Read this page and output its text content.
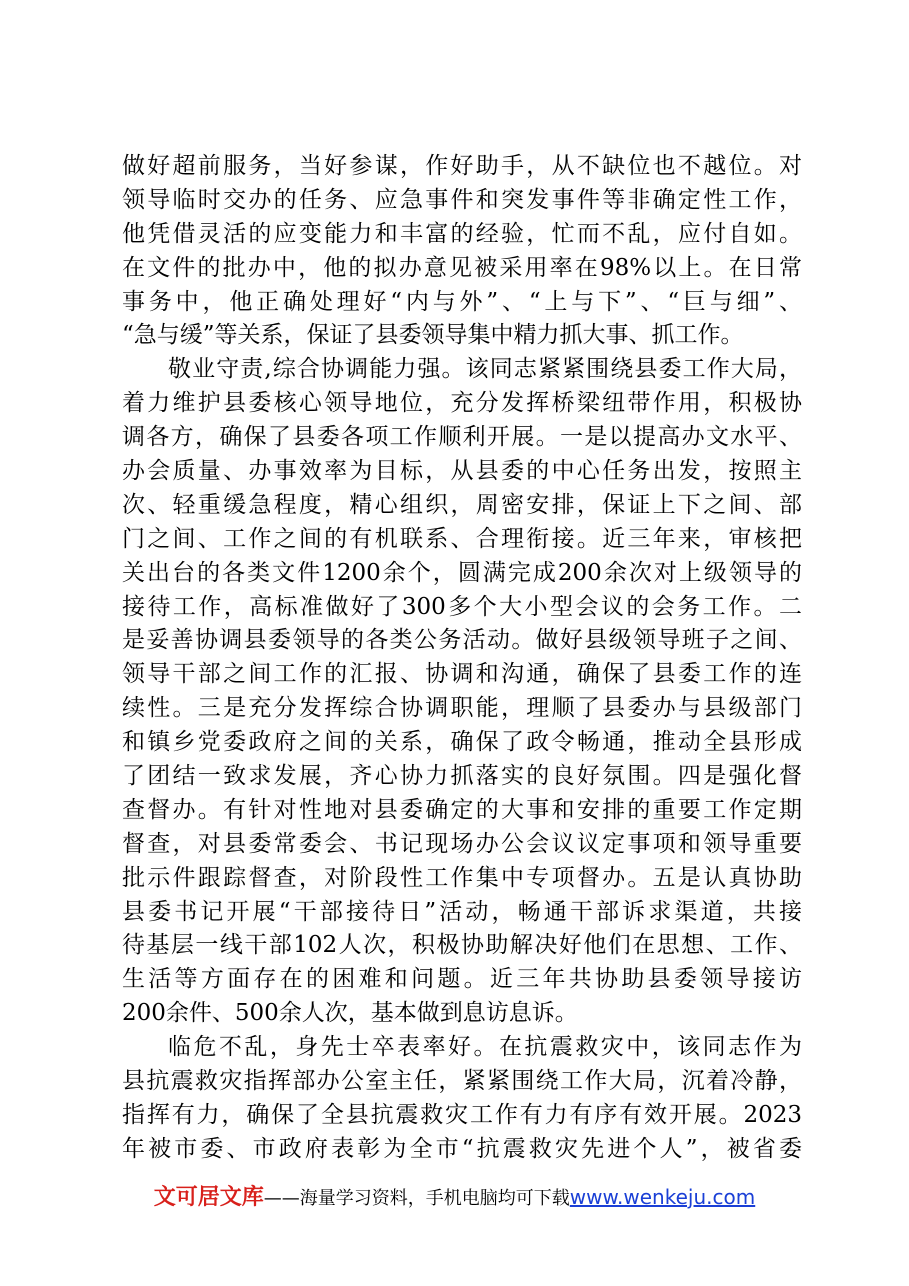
做好超前服务，当好参谋，作好助手，从不缺位也不越位。对
领导临时交办的任务、应急事件和突发事件等非确定性工作，
他凭借灵活的应变能力和丰富的经验，忙而不乱，应付自如。
在文件的批办中，他的拟办意见被采用率在98%以上。在日常
事务中，他正确处理好“内与外”、“上与下”、“巨与细”、
“急与缓”等关系，保证了县委领导集中精力抓大事、抓工作。
敬业守责,综合协调能力强。该同志紧紧围绕县委工作大局，
着力维护县委核心领导地位，充分发挥桥梁纽带作用，积极协
调各方，确保了县委各项工作顺利开展。一是以提高办文水平、
办会质量、办事效率为目标，从县委的中心任务出发，按照主
次、轻重缓急程度，精心组织，周密安排，保证上下之间、部
门之间、工作之间的有机联系、合理衔接。近三年来，审核把
关出台的各类文件1200余个，圆满完成200余次对上级领导的
接待工作，高标准做好了300多个大小型会议的会务工作。二
是妥善协调县委领导的各类公务活动。做好县级领导班子之间、
领导干部之间工作的汇报、协调和沟通，确保了县委工作的连
续性。三是充分发挥综合协调职能，理顺了县委办与县级部门
和镇乡党委政府之间的关系，确保了政令畅通，推动全县形成
了团结一致求发展，齐心协力抓落实的良好氛围。四是强化督
查督办。有针对性地对县委确定的大事和安排的重要工作定期
督查，对县委常委会、书记现场办公会议议定事项和领导重要
批示件跟踪督查，对阶段性工作集中专项督办。五是认真协助
县委书记开展“干部接待日”活动，畅通干部诉求渠道，共接
待基层一线干部102人次，积极协助解决好他们在思想、工作、
生活等方面存在的困难和问题。近三年共协助县委领导接访
200余件、500余人次，基本做到息访息诉。
临危不乱，身先士卒表率好。在抗震救灾中，该同志作为
县抗震救灾指挥部办公室主任，紧紧围绕工作大局，沉着冷静，
指挥有力，确保了全县抗震救灾工作有力有序有效开展。2023
年被市委、市政府表彰为全市“抗震救灾先进个人”，被省委
文可居文库——海量学习资料，手机电脑均可下载www.wenkeju.com
